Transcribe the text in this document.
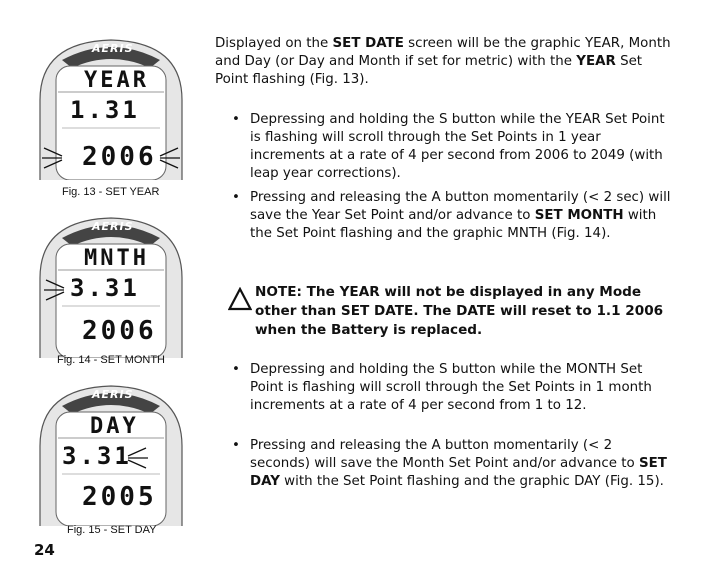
AERIS
YEAR
1.31
2006
Fig. 13 - SET YEAR
AERIS
MNTH
3.31
2006
Fig. 14 - SET MONTH
AERIS
DAY
3.31
2005
Fig. 15 - SET DAY
Displayed on the SET DATE screen will be the graphic YEAR, Month and Day (or Day and Month if set for metric) with the YEAR Set Point flashing (Fig. 13).
• Depressing and holding the S button while the YEAR Set Point is flashing will scroll through the Set Points in 1 year increments at a rate of 4 per second from 2006 to 2049 (with leap year corrections).
• Pressing and releasing the A button momentarily (< 2 sec) will save the Year Set Point and/or advance to SET MONTH with the Set Point flashing and the graphic MNTH (Fig. 14).
NOTE: The YEAR will not be displayed in any Mode other than SET DATE. The DATE will reset to 1.1 2006 when the Battery is replaced.
• Depressing and holding the S button while the MONTH Set Point is flashing will scroll through the Set Points in 1 month increments at a rate of 4 per second from 1 to 12.
• Pressing and releasing the A button momentarily (< 2 seconds) will save the Month Set Point and/or advance to SET DAY with the Set Point flashing and the graphic DAY (Fig. 15).
24
